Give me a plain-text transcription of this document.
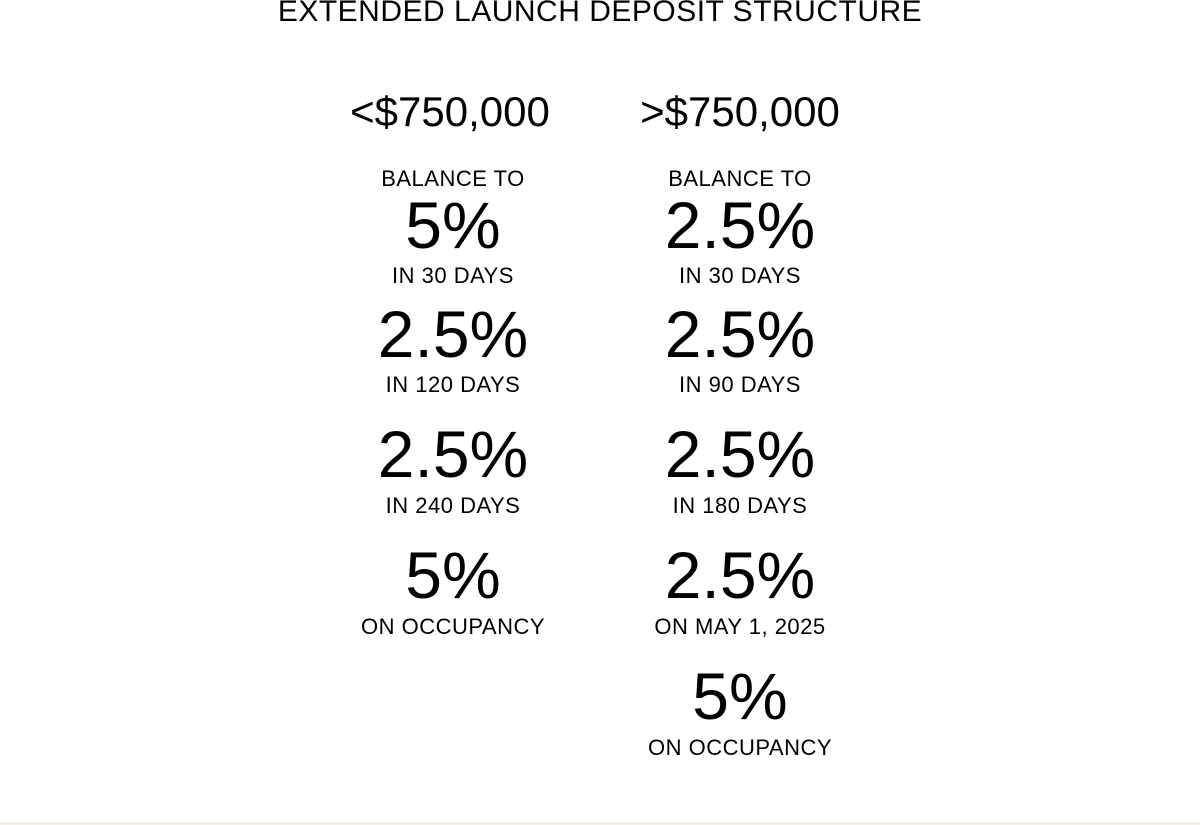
EXTENDED LAUNCH DEPOSIT STRUCTURE
<$750,000
BALANCE TO
5%
IN 30 DAYS
2.5%
IN 120 DAYS
2.5%
IN 240 DAYS
5%
ON OCCUPANCY
>$750,000
BALANCE TO
2.5%
IN 30 DAYS
2.5%
IN 90 DAYS
2.5%
IN 180 DAYS
2.5%
ON MAY 1, 2025
5%
ON OCCUPANCY
